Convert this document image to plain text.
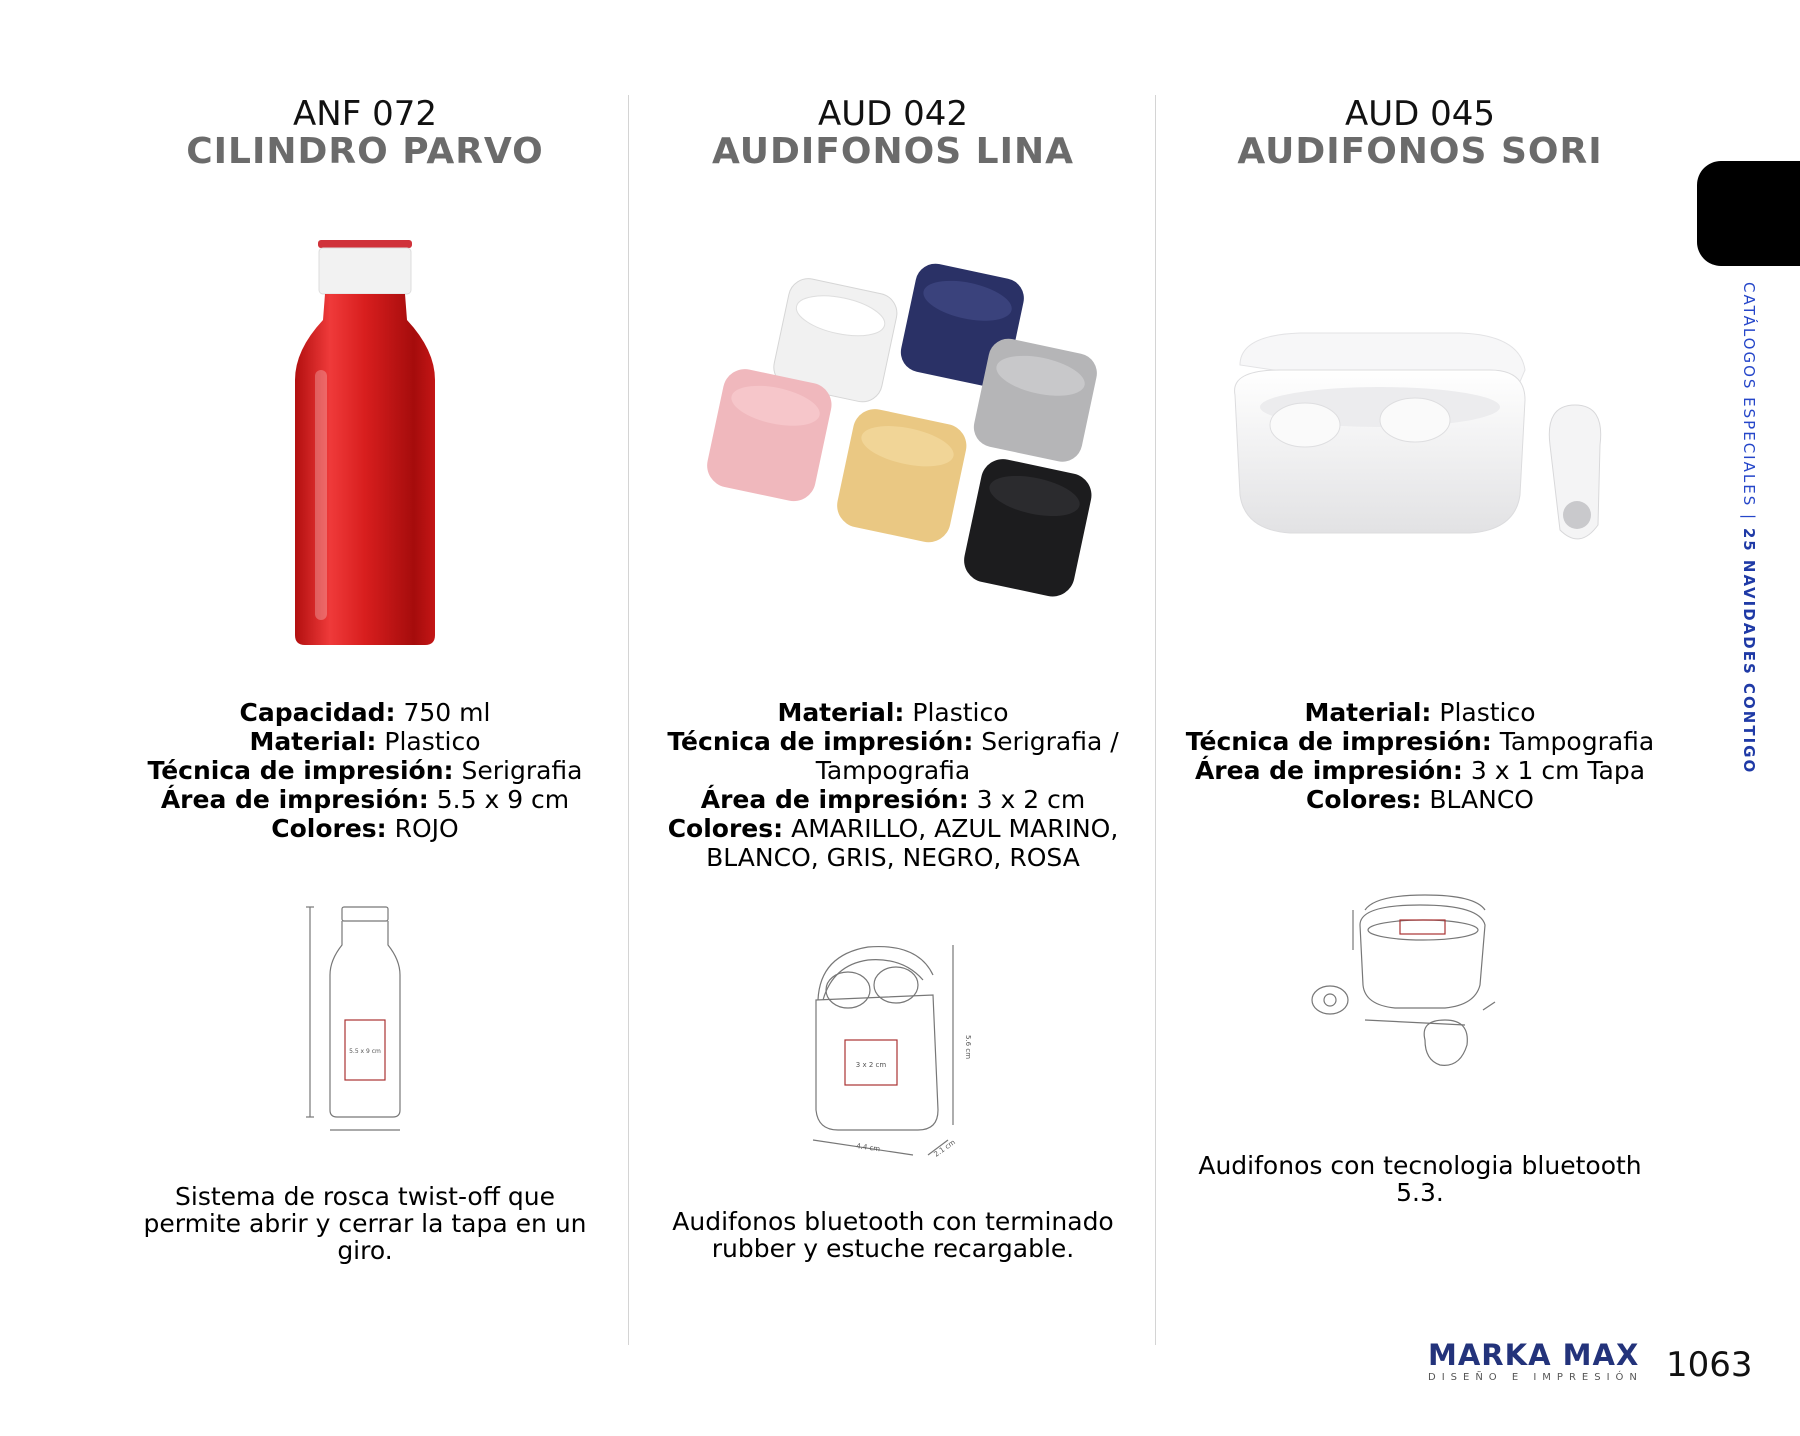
ANF 072
CILINDRO PARVO
Capacidad: 750 ml
Material: Plastico
Técnica de impresión: Serigrafia
Área de impresión: 5.5 x 9 cm
Colores: ROJO
5.5 x 9 cm
Sistema de rosca twist-off que
permite abrir y cerrar la tapa en un
giro.
AUD 042
AUDIFONOS LINA
Material: Plastico
Técnica de impresión: Serigrafia /
Tampografia
Área de impresión: 3 x 2 cm
Colores: AMARILLO, AZUL MARINO,
BLANCO, GRIS, NEGRO, ROSA
3 x 2 cm
5.6 cm
4.4 cm	2.1 cm
Audifonos bluetooth con terminado
rubber y estuche recargable.
AUD 045
AUDIFONOS SORI
Material: Plastico
Técnica de impresión: Tampografia
Área de impresión: 3 x 1 cm Tapa
Colores: BLANCO
Audifonos con tecnologia bluetooth
5.3.
CATÁLOGOS ESPECIALES | 25 NAVIDADES CONTIGO
MARKA MAX
DISEÑO E IMPRESIÓN 1063
